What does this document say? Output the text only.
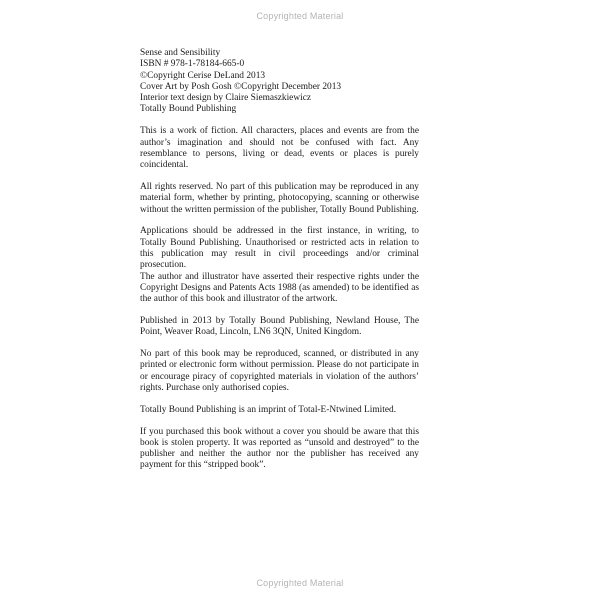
Copyrighted Material
Sense and Sensibility
ISBN # 978-1-78184-665-0
©Copyright Cerise DeLand 2013
Cover Art by Posh Gosh ©Copyright December 2013
Interior text design by Claire Siemaszkiewicz
Totally Bound Publishing
This is a work of fiction. All characters, places and events are from the author’s imagination and should not be confused with fact. Any resemblance to persons, living or dead, events or places is purely coincidental.
All rights reserved. No part of this publication may be reproduced in any material form, whether by printing, photocopying, scanning or otherwise without the written permission of the publisher, Totally Bound Publishing.
Applications should be addressed in the first instance, in writing, to Totally Bound Publishing. Unauthorised or restricted acts in relation to this publication may result in civil proceedings and/or criminal prosecution.
The author and illustrator have asserted their respective rights under the Copyright Designs and Patents Acts 1988 (as amended) to be identified as the author of this book and illustrator of the artwork.
Published in 2013 by Totally Bound Publishing, Newland House, The Point, Weaver Road, Lincoln, LN6 3QN, United Kingdom.
No part of this book may be reproduced, scanned, or distributed in any printed or electronic form without permission. Please do not participate in or encourage piracy of copyrighted materials in violation of the authors’ rights. Purchase only authorised copies.
Totally Bound Publishing is an imprint of Total-E-Ntwined Limited.
If you purchased this book without a cover you should be aware that this book is stolen property. It was reported as “unsold and destroyed” to the publisher and neither the author nor the publisher has received any payment for this “stripped book”.
Copyrighted Material
